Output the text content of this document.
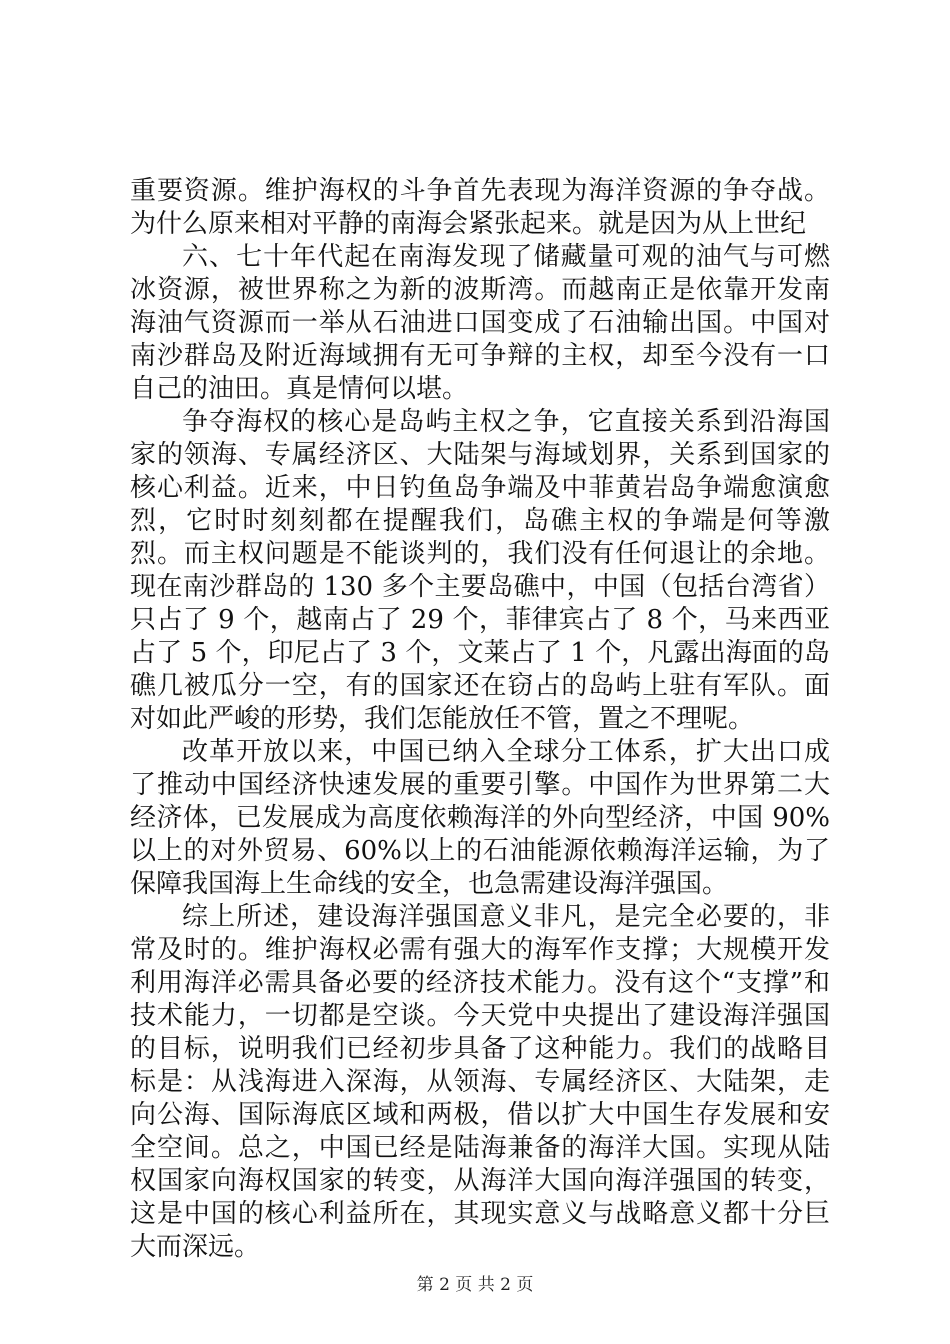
重要资源。维护海权的斗争首先表现为海洋资源的争夺战。为什么原来相对平静的南海会紧张起来。就是因为从上世纪

六、七十年代起在南海发现了储藏量可观的油气与可燃冰资源，被世界称之为新的波斯湾。而越南正是依靠开发南海油气资源而一举从石油进口国变成了石油输出国。中国对南沙群岛及附近海域拥有无可争辩的主权，却至今没有一口自己的油田。真是情何以堪。

争夺海权的核心是岛屿主权之争，它直接关系到沿海国家的领海、专属经济区、大陆架与海域划界，关系到国家的核心利益。近来，中日钓鱼岛争端及中菲黄岩岛争端愈演愈烈，它时时刻刻都在提醒我们，岛礁主权的争端是何等激烈。而主权问题是不能谈判的，我们没有任何退让的余地。现在南沙群岛的 130 多个主要岛礁中，中国（包括台湾省）只占了 9 个，越南占了 29 个，菲律宾占了 8 个，马来西亚占了 5 个，印尼占了 3 个，文莱占了 1 个，凡露出海面的岛礁几被瓜分一空，有的国家还在窃占的岛屿上驻有军队。面对如此严峻的形势，我们怎能放任不管，置之不理呢。

改革开放以来，中国已纳入全球分工体系，扩大出口成了推动中国经济快速发展的重要引擎。中国作为世界第二大经济体，已发展成为高度依赖海洋的外向型经济，中国 90%以上的对外贸易、60%以上的石油能源依赖海洋运输，为了保障我国海上生命线的安全，也急需建设海洋强国。

综上所述，建设海洋强国意义非凡，是完全必要的，非常及时的。维护海权必需有强大的海军作支撑；大规模开发利用海洋必需具备必要的经济技术能力。没有这个“支撑”和技术能力，一切都是空谈。今天党中央提出了建设海洋强国的目标，说明我们已经初步具备了这种能力。我们的战略目标是：从浅海进入深海，从领海、专属经济区、大陆架，走向公海、国际海底区域和两极，借以扩大中国生存发展和安全空间。总之，中国已经是陆海兼备的海洋大国。实现从陆权国家向海权国家的转变，从海洋大国向海洋强国的转变，这是中国的核心利益所在，其现实意义与战略意义都十分巨大而深远。

第 2 页 共 2 页
